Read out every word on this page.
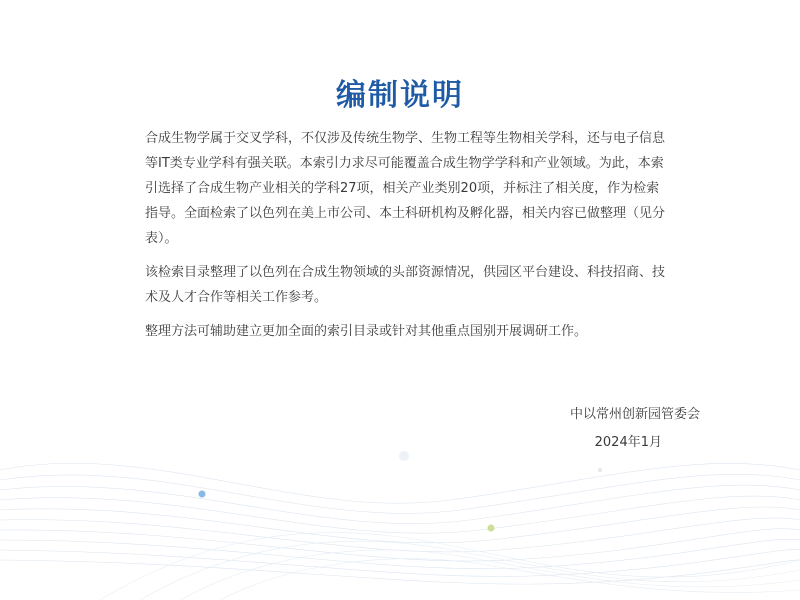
编制说明

合成生物学属于交叉学科，不仅涉及传统生物学、生物工程等生物相关学科，还与电子信息等IT类专业学科有强关联。本索引力求尽可能覆盖合成生物学学科和产业领域。为此，本索引选择了合成生物产业相关的学科27项，相关产业类别20项，并标注了相关度，作为检索指导。全面检索了以色列在美上市公司、本土科研机构及孵化器，相关内容已做整理（见分表）。

该检索目录整理了以色列在合成生物领域的头部资源情况，供园区平台建设、科技招商、技术及人才合作等相关工作参考。

整理方法可辅助建立更加全面的索引目录或针对其他重点国别开展调研工作。

中以常州创新园管委会
2024年1月
